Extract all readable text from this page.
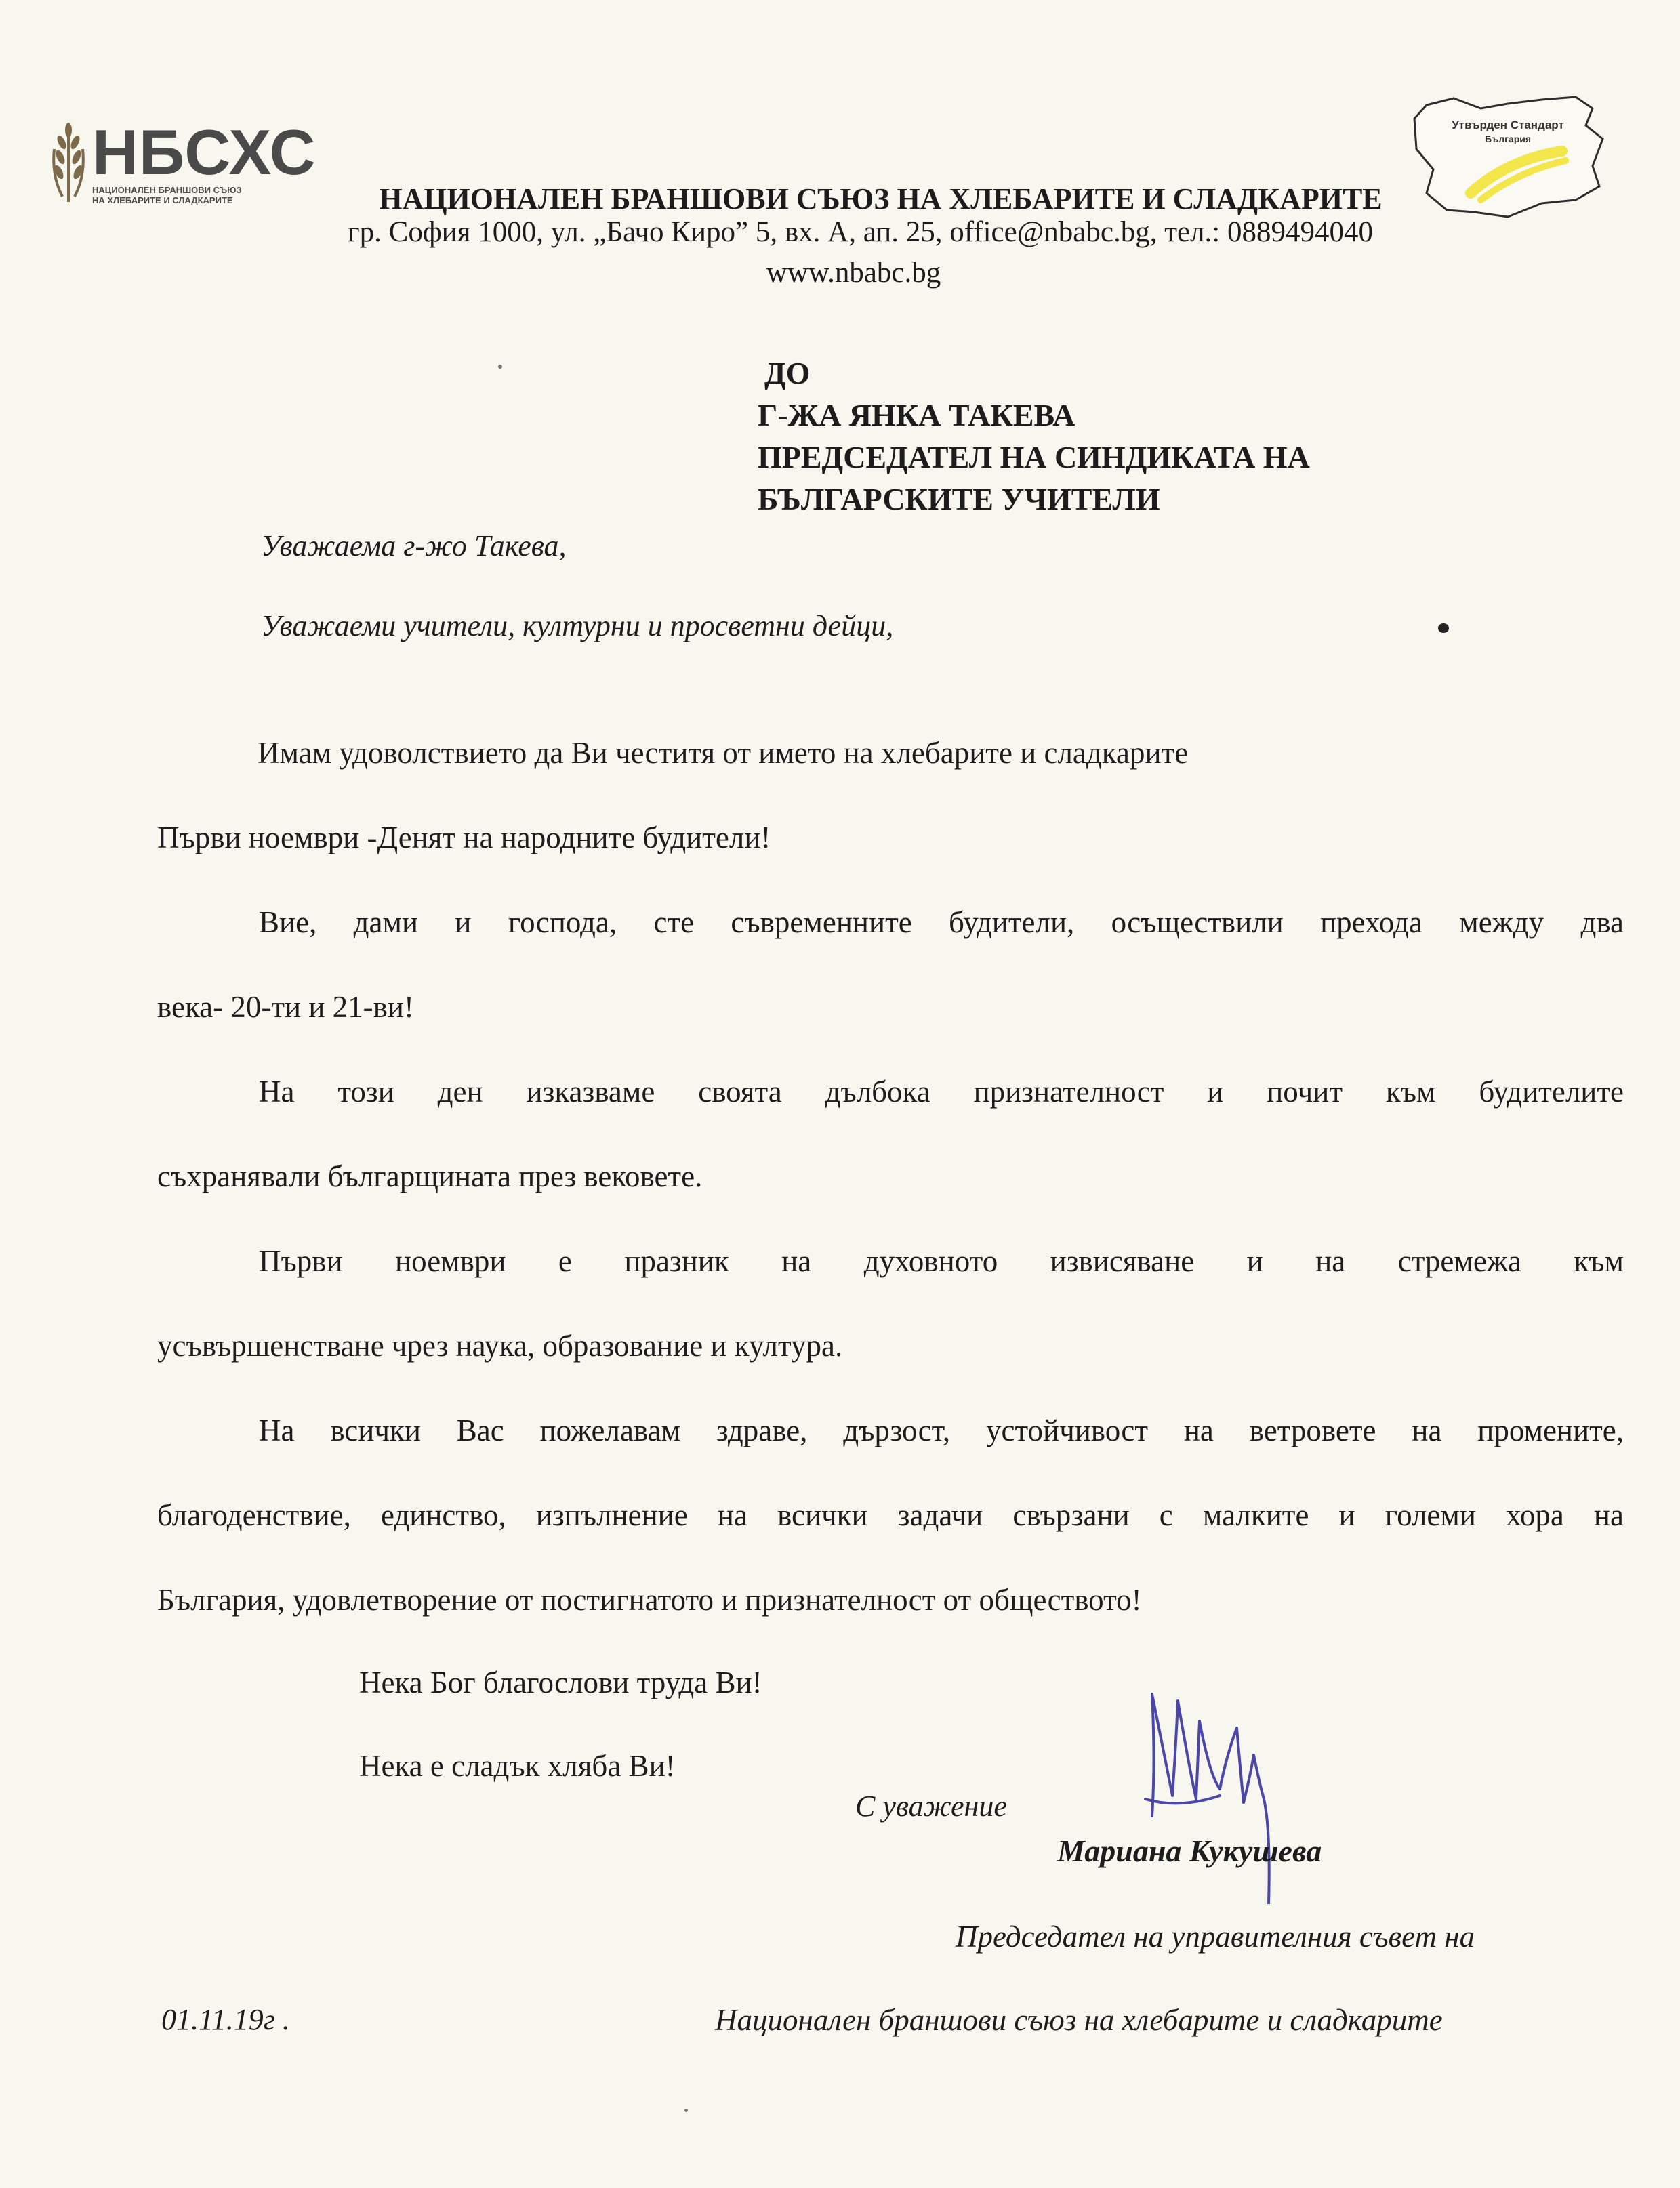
НБСХС
НАЦИОНАЛЕН БРАНШОВИ СЪЮЗ
НА ХЛЕБАРИТЕ И СЛАДКАРИТЕ
Утвърден Стандарт
България
НАЦИОНАЛЕН БРАНШОВИ СЪЮЗ НА ХЛЕБАРИТЕ И СЛАДКАРИТЕ
гр. София 1000, ул. „Бачо Киро” 5, вх. А, ап. 25, office@nbabc.bg, тел.: 0889494040
www.nbabc.bg
ДО
Г-ЖА ЯНКА ТАКЕВА
ПРЕДСЕДАТЕЛ НА СИНДИКАТА НА
БЪЛГАРСКИТЕ УЧИТЕЛИ
Уважаема г-жо Такева,
Уважаеми учители, културни и просветни дейци,
Имам удоволствието да Ви честитя от името на хлебарите и сладкарите
Първи ноември -Денят на народните будители!
Вие, дами и господа, сте съвременните будители, осъществили прехода между два
века- 20-ти и 21-ви!
На този ден изказваме своята дълбока признателност и почит към будителите
съхранявали българщината през вековете.
Първи ноември е празник на духовното извисяване и на стремежа към
усъвършенстване чрез наука, образование и култура.
На всички Вас пожелавам здраве, дързост, устойчивост на ветровете на промените,
благоденствие, единство, изпълнение на всички задачи свързани с малките и големи хора на
България, удовлетворение от постигнатото и признателност от обществото!
Нека Бог благослови труда Ви!
Нека е сладък хляба Ви!
С уважение
Мариана Кукушева
Председател на управителния съвет на
01.11.19г .	Национален браншови съюз на хлебарите и сладкарите
